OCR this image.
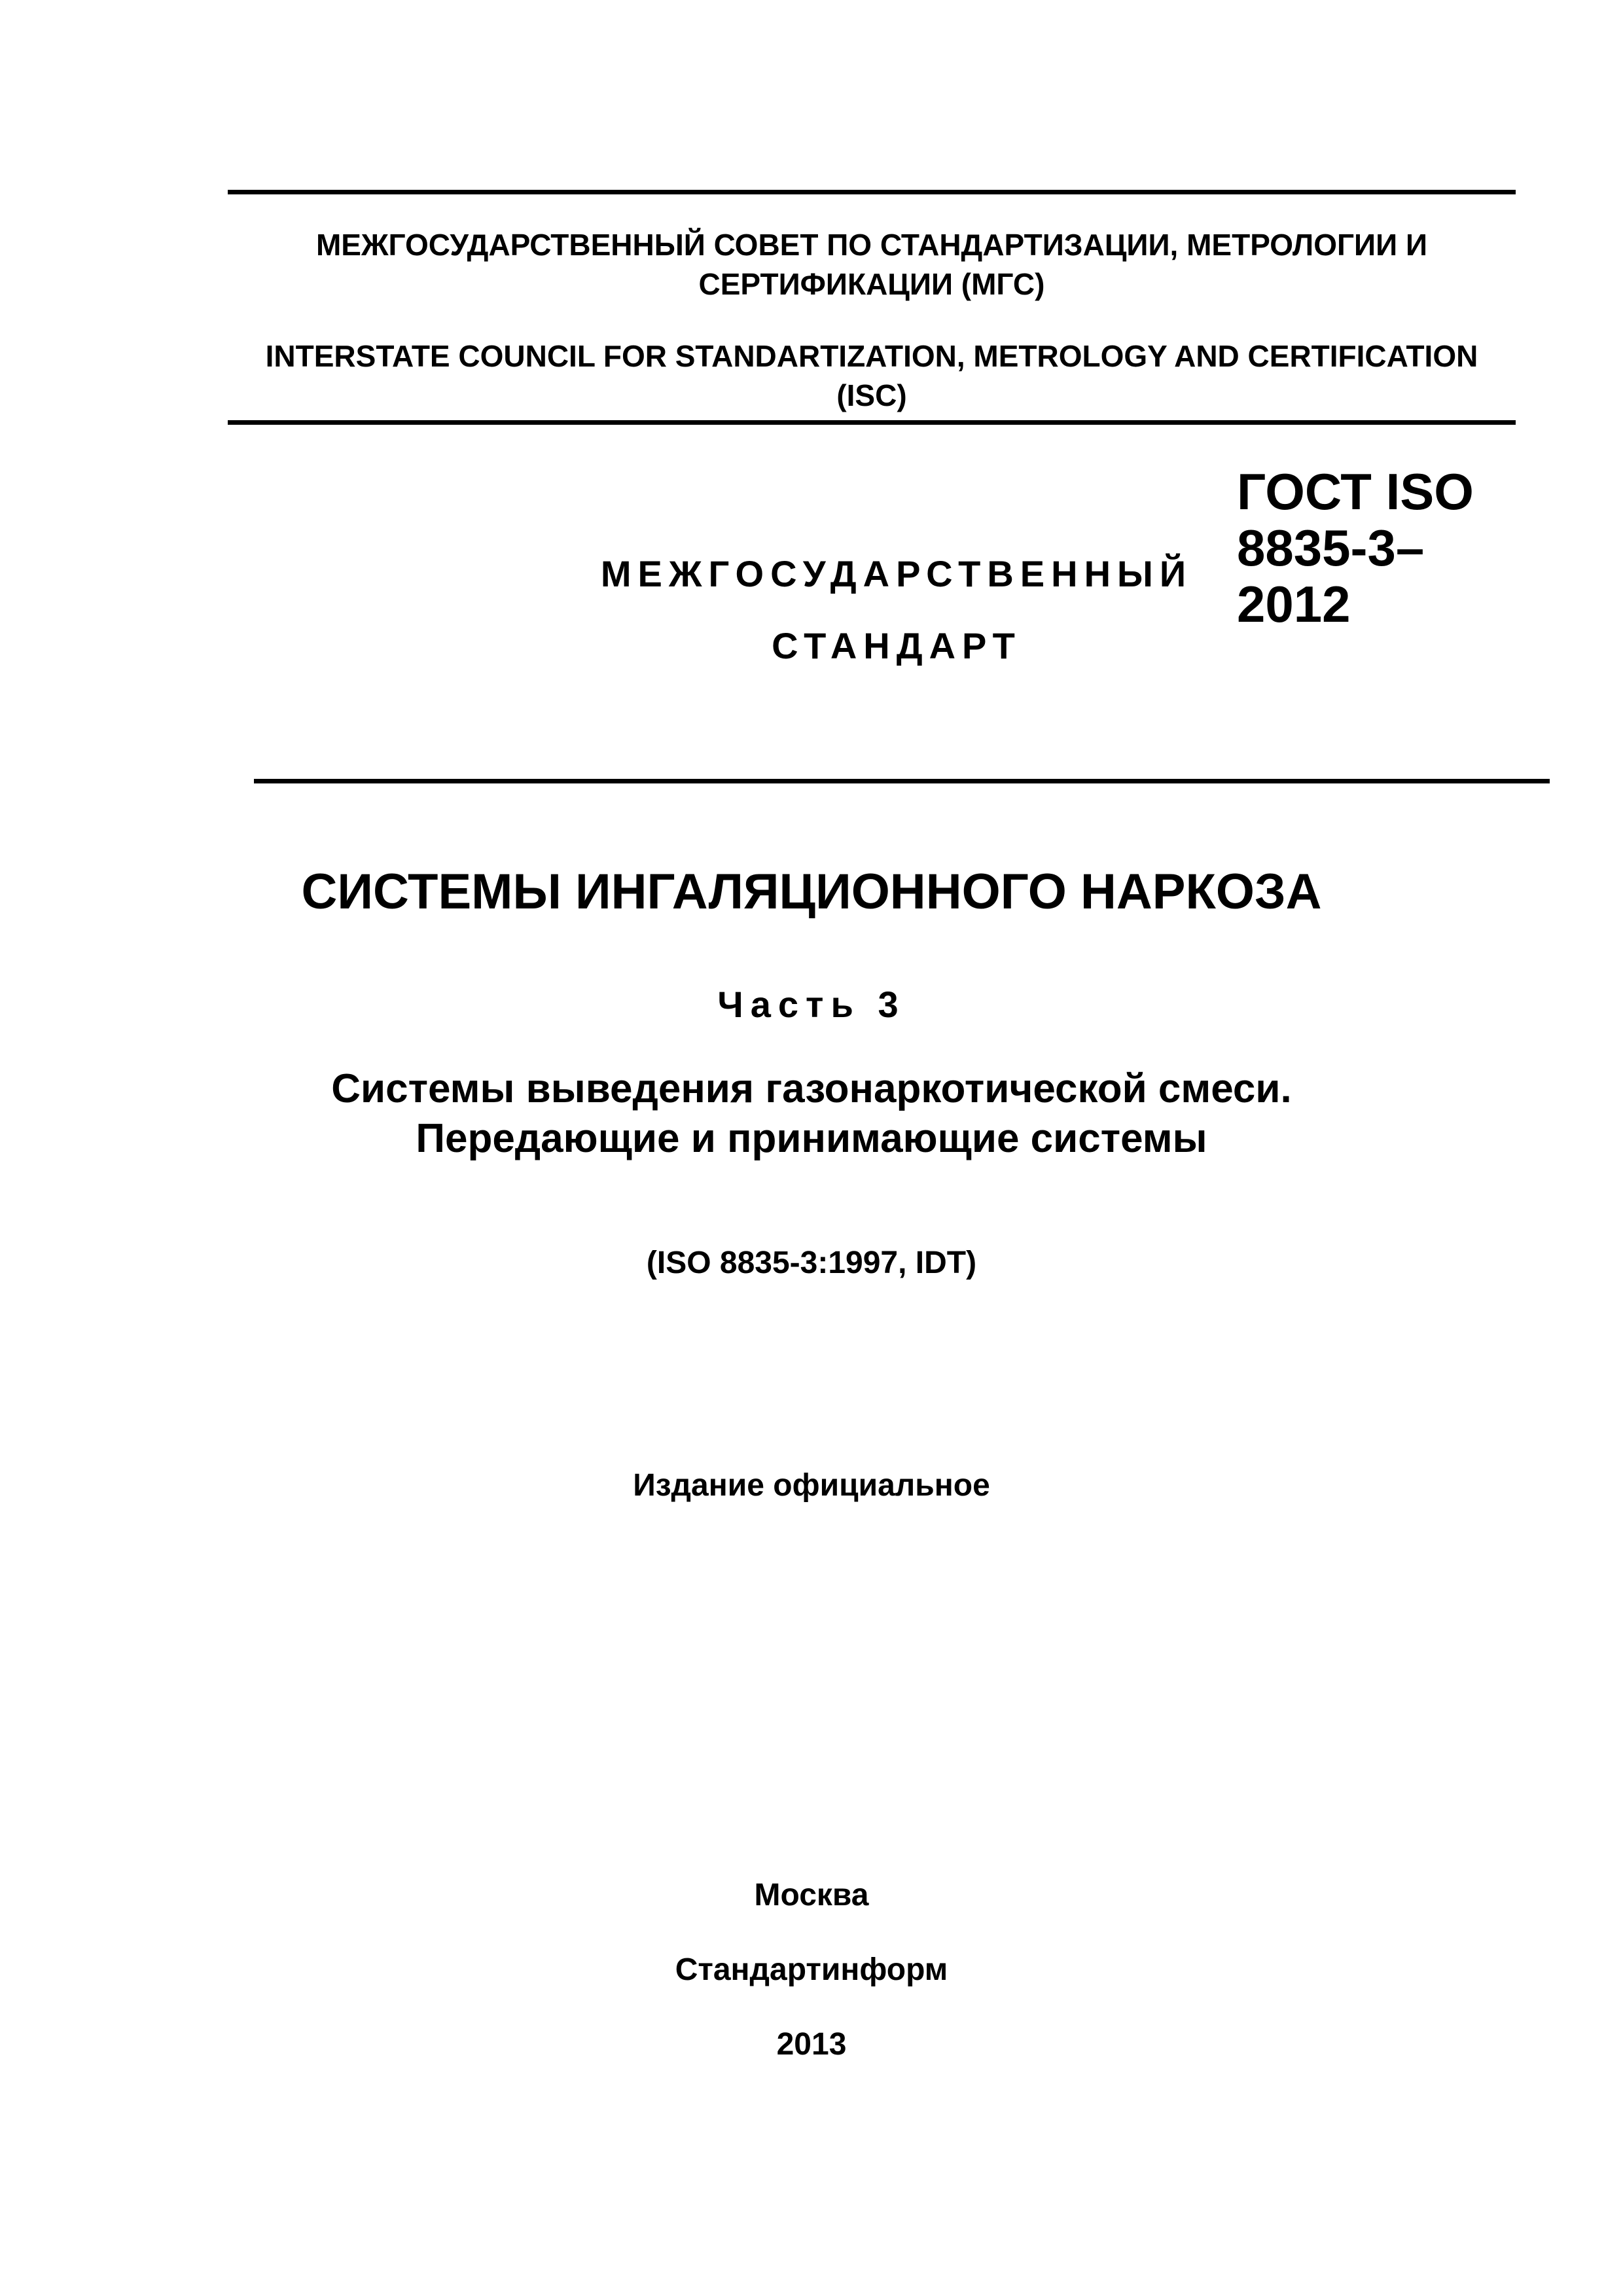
МЕЖГОСУДАРСТВЕННЫЙ СОВЕТ ПО СТАНДАРТИЗАЦИИ, МЕТРОЛОГИИ И СЕРТИФИКАЦИИ (МГС)
INTERSTATE COUNCIL FOR STANDARTIZATION, METROLOGY AND CERTIFICATION (ISC)
МЕЖГОСУДАРСТВЕННЫЙ
СТАНДАРТ
ГОСТ ISO
8835-3–
2012
СИСТЕМЫ ИНГАЛЯЦИОННОГО НАРКОЗА
Часть 3
Системы выведения газонаркотической смеси.
Передающие и принимающие системы
(ISO 8835-3:1997, IDT)
Издание официальное
Москва
Стандартинформ
2013
